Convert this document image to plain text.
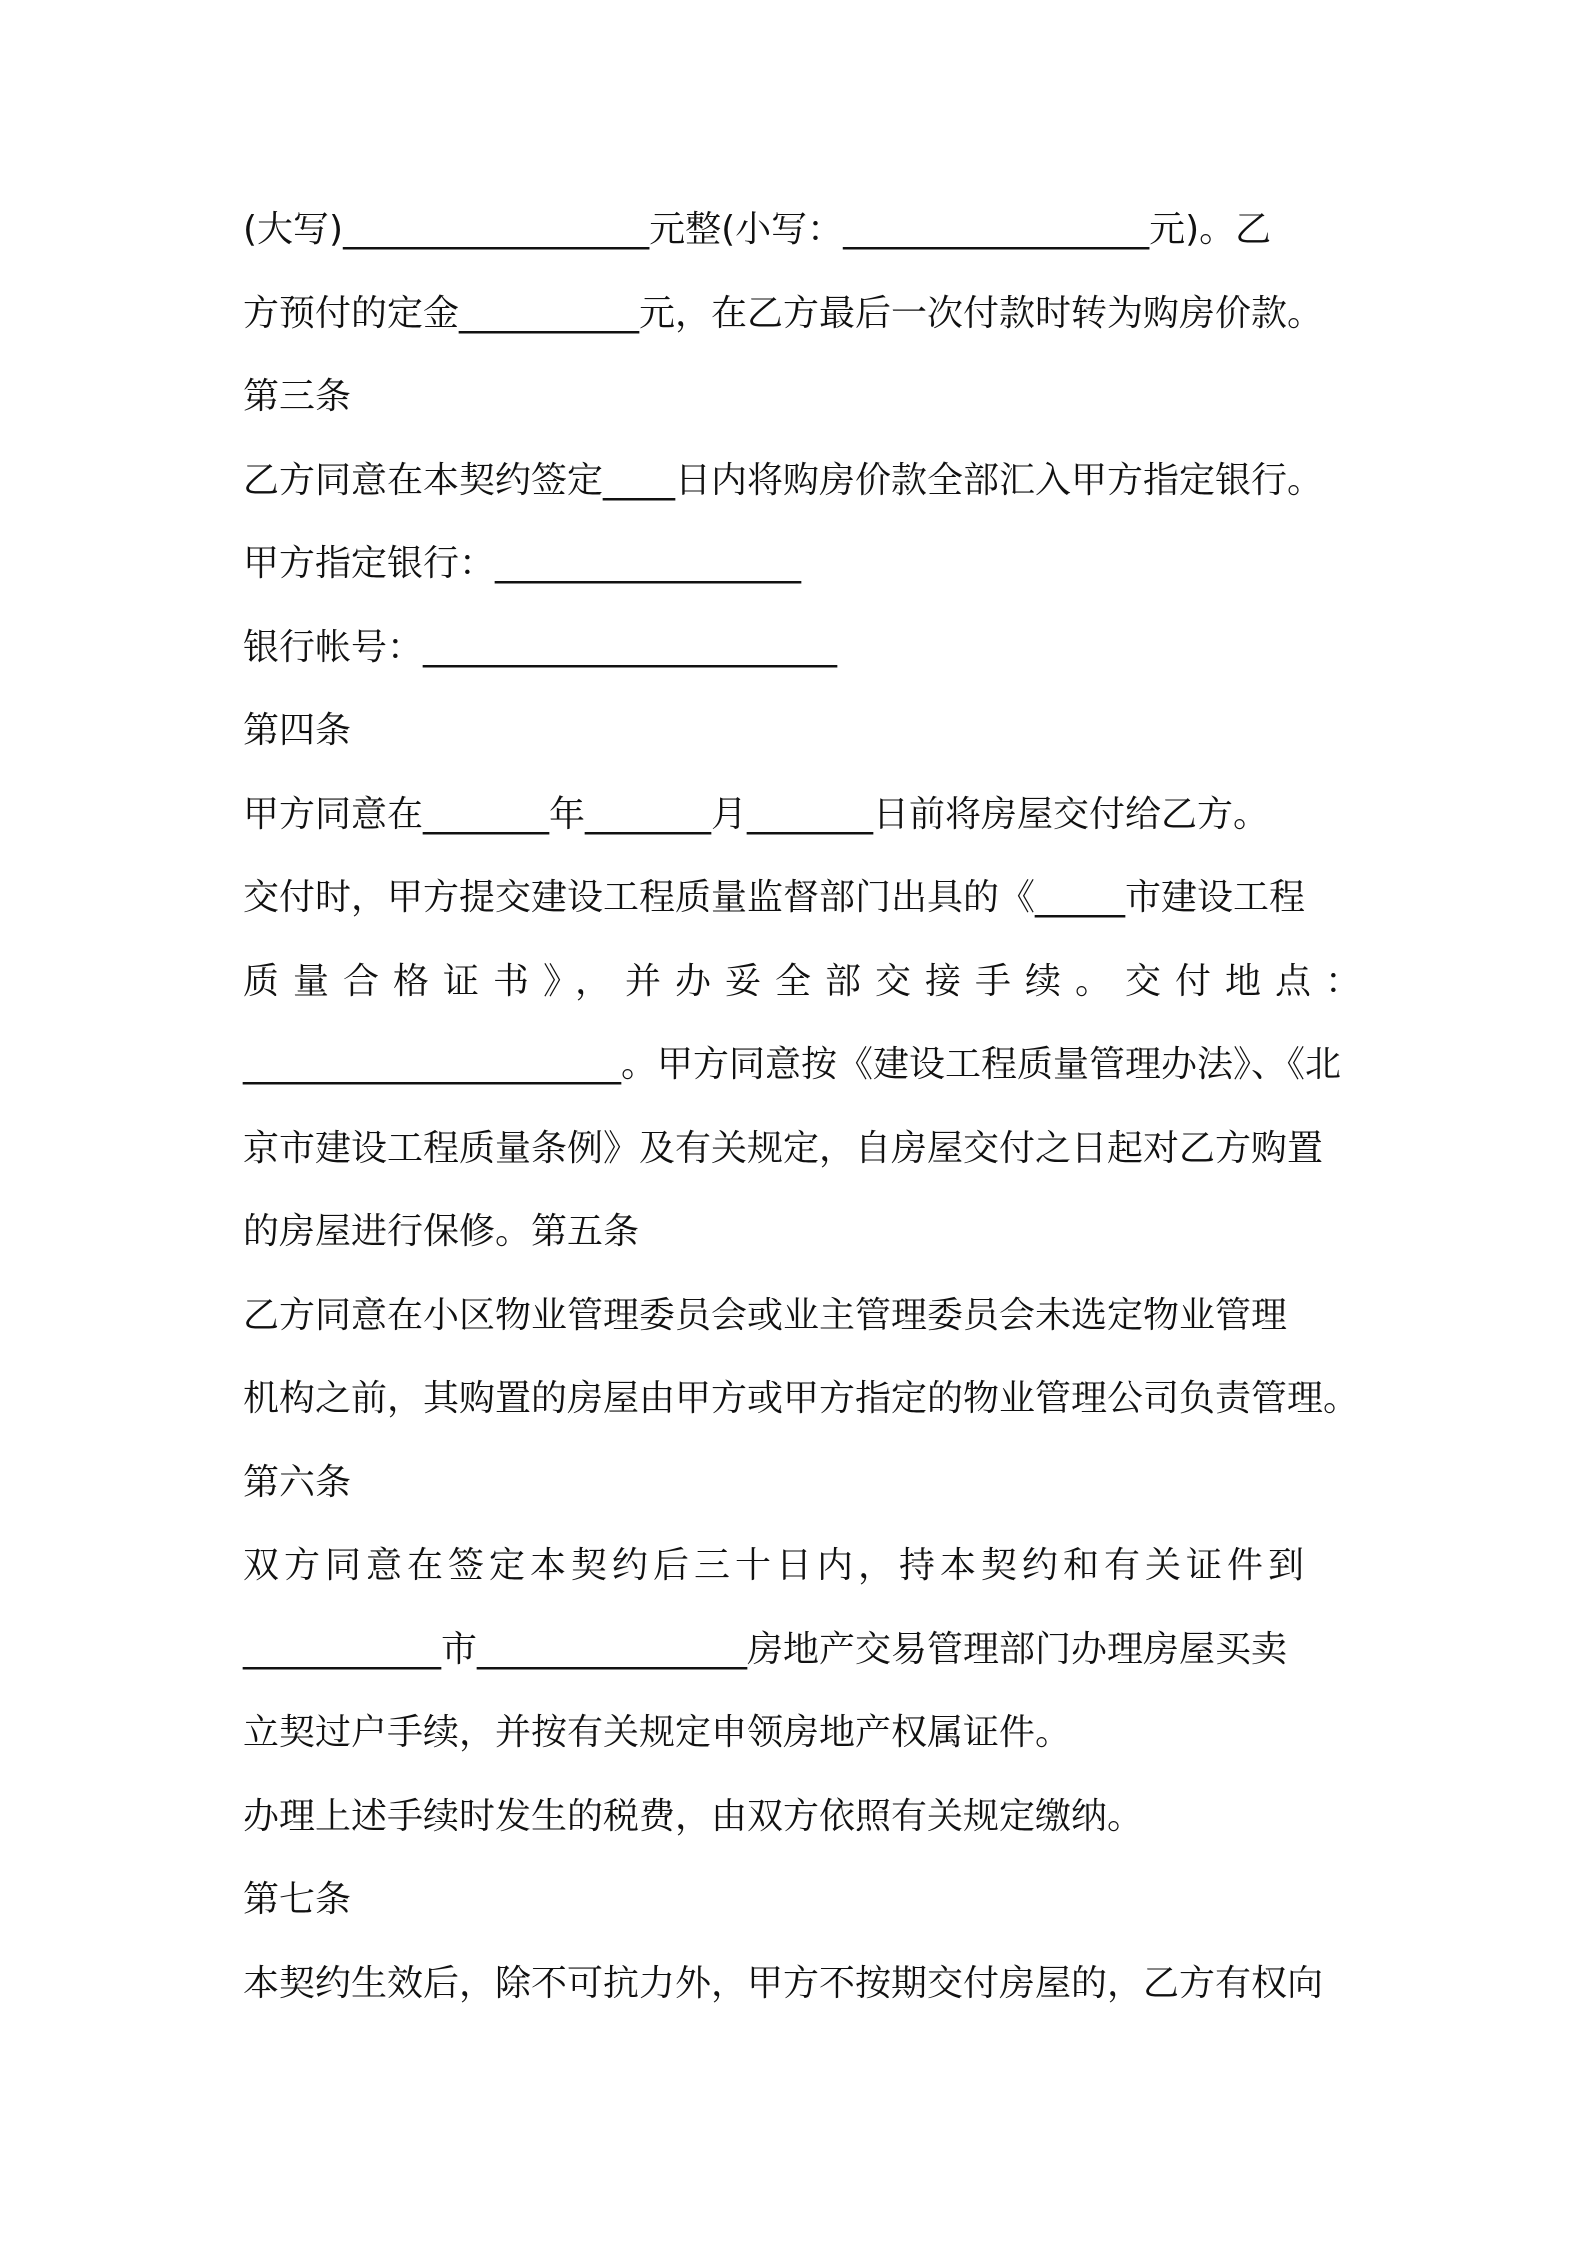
(大写)_________________元整(小写：_________________元)。乙
方预付的定金__________元，在乙方最后一次付款时转为购房价款。
第三条
乙方同意在本契约签定____日内将购房价款全部汇入甲方指定银行。
甲方指定银行：_________________
银行帐号：_______________________
第四条
甲方同意在_______年_______月_______日前将房屋交付给乙方。
交付时，甲方提交建设工程质量监督部门出具的《_____市建设工程
质量合格证书》，并办妥全部交接手续。交付地点：
_____________________。甲方同意按《建设工程质量管理办法》、《北
京市建设工程质量条例》及有关规定，自房屋交付之日起对乙方购置
的房屋进行保修。第五条
乙方同意在小区物业管理委员会或业主管理委员会未选定物业管理
机构之前，其购置的房屋由甲方或甲方指定的物业管理公司负责管理。
第六条
双方同意在签定本契约后三十日内，持本契约和有关证件到
___________市_______________房地产交易管理部门办理房屋买卖
立契过户手续，并按有关规定申领房地产权属证件。
办理上述手续时发生的税费，由双方依照有关规定缴纳。
第七条
本契约生效后，除不可抗力外，甲方不按期交付房屋的，乙方有权向
